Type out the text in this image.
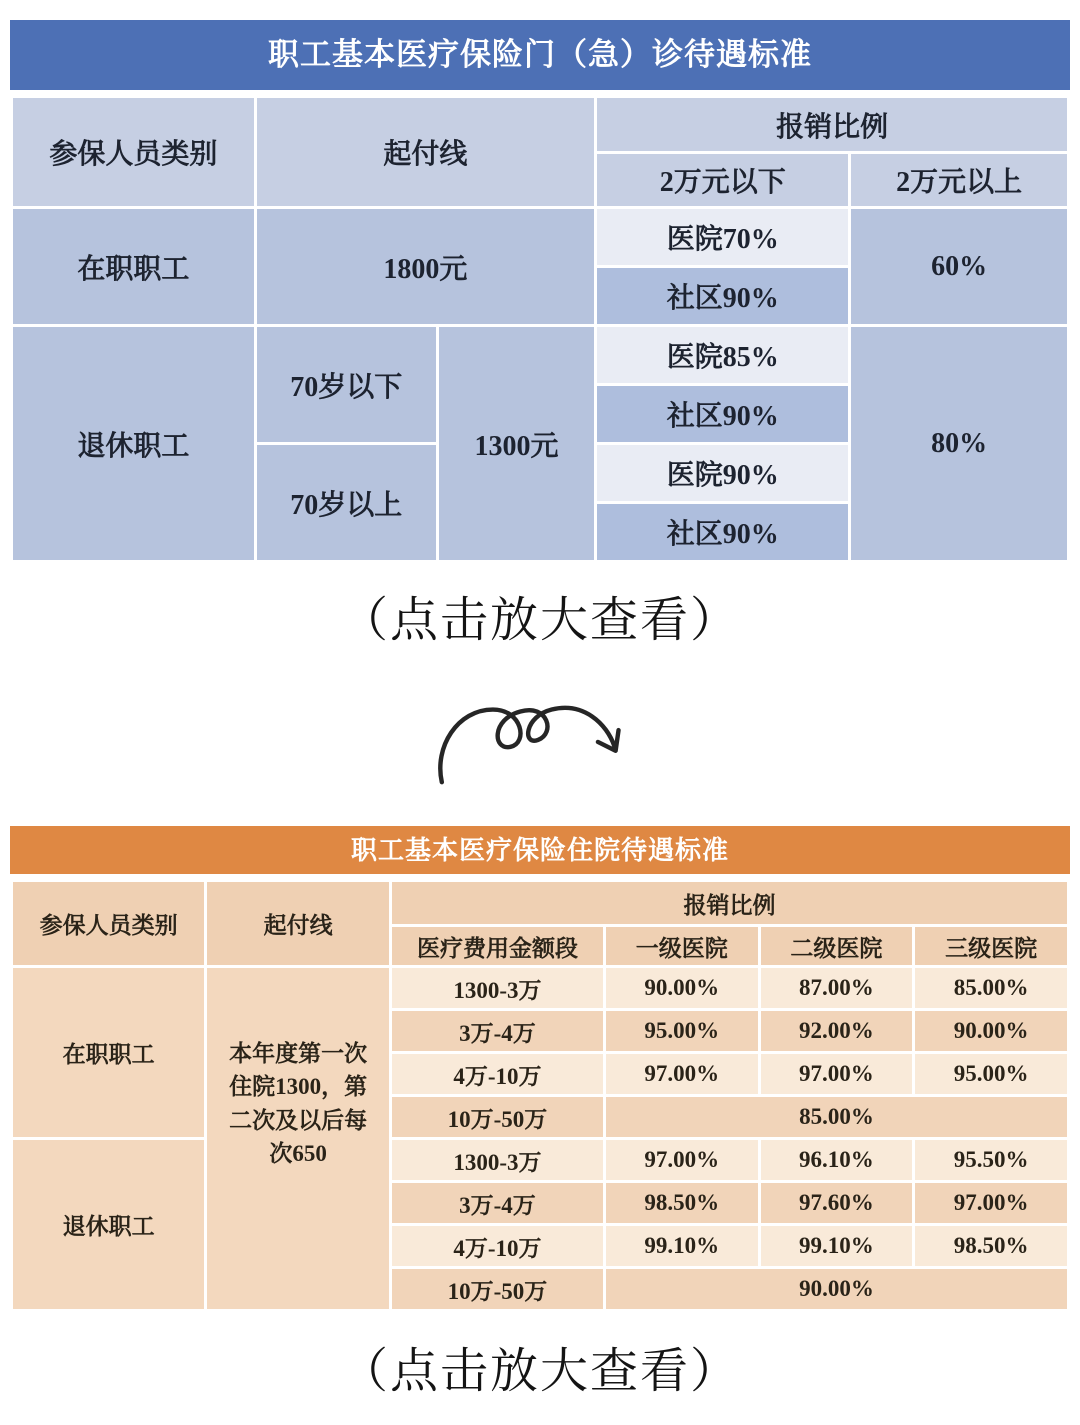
职工基本医疗保险门（急）诊待遇标准
参保人员类别	起付线		报销比例	
			2万元以下	2万元以上
在职职工	1800元		医院70%	60%
			社区90%	
退休职工	70岁以下	1300元	医院85%	80%
			社区90%	
	70岁以上		医院90%	
			社区90%	
（点击放大查看）
职工基本医疗保险住院待遇标准
参保人员类别	起付线	报销比例			
		医疗费用金额段	一级医院	二级医院	三级医院
在职职工	本年度第一次住院1300，第二次及以后每次650	1300-3万	90.00%	87.00%	85.00%
		3万-4万	95.00%	92.00%	90.00%
		4万-10万	97.00%	97.00%	95.00%
		10万-50万	85.00%		
退休职工		1300-3万	97.00%	96.10%	95.50%
		3万-4万	98.50%	97.60%	97.00%
		4万-10万	99.10%	99.10%	98.50%
		10万-50万	90.00%		
（点击放大查看）
